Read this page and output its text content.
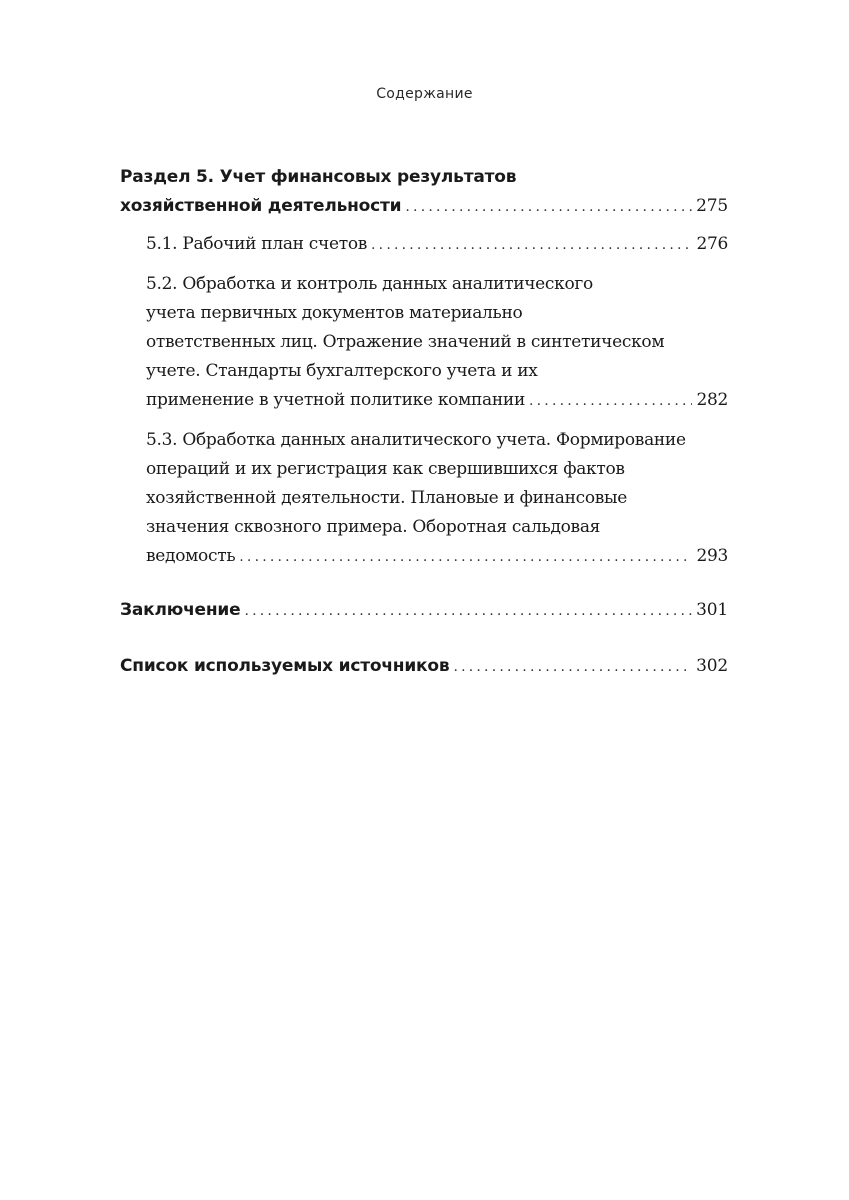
Содержание
Раздел 5. Учет финансовых результатов
хозяйственной деятельности .....	275
5.1. Рабочий план счетов .....	276
5.2. Обработка и контроль данных аналитического
учета первичных документов материально
ответственных лиц. Отражение значений в синтетическом
учете. Стандарты бухгалтерского учета и их
применение в учетной политике компании .....	282
5.3. Обработка данных аналитического учета. Формирование
операций и их регистрация как свершившихся фактов
хозяйственной деятельности. Плановые и финансовые
значения сквозного примера. Оборотная сальдовая
ведомость .....	293
Заключение .....	301
Список используемых источников .....	302
